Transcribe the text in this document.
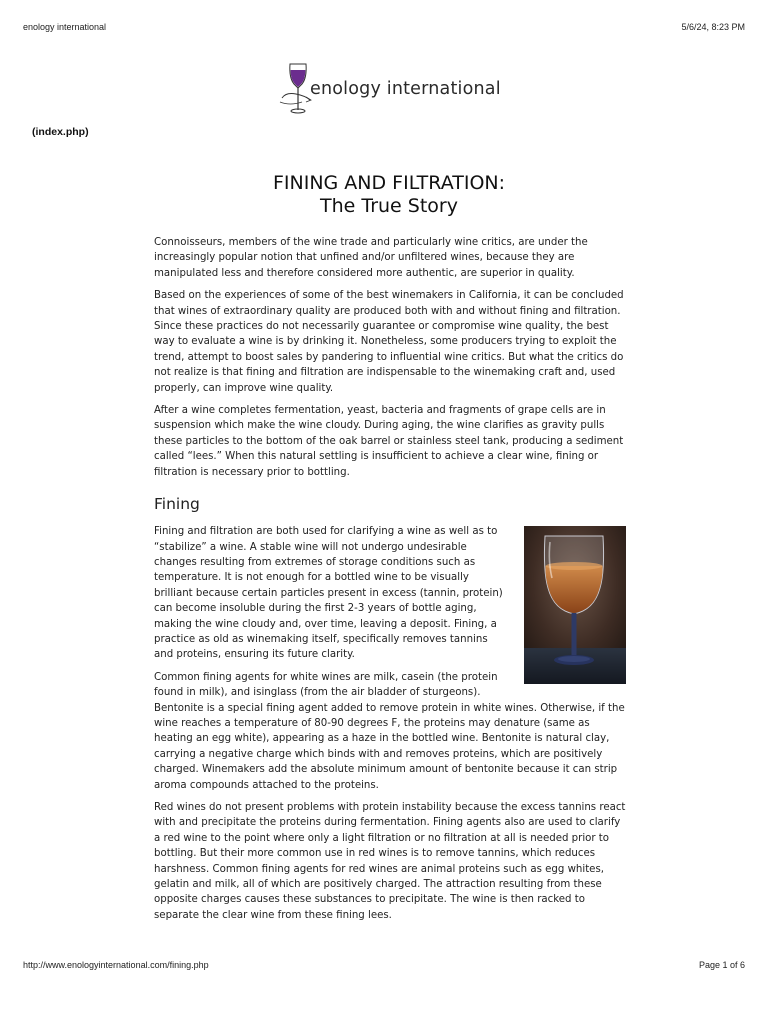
enology international	5/6/24, 8:23 PM
enology international
(index.php)
FINING AND FILTRATION:
The True Story

Connoisseurs, members of the wine trade and particularly wine critics, are under the increasingly popular notion that unfined and/or unfiltered wines, because they are manipulated less and therefore considered more authentic, are superior in quality.

Based on the experiences of some of the best winemakers in California, it can be concluded that wines of extraordinary quality are produced both with and without fining and filtration. Since these practices do not necessarily guarantee or compromise wine quality, the best way to evaluate a wine is by drinking it. Nonetheless, some producers trying to exploit the trend, attempt to boost sales by pandering to influential wine critics. But what the critics do not realize is that fining and filtration are indispensable to the winemaking craft and, used properly, can improve wine quality.

After a wine completes fermentation, yeast, bacteria and fragments of grape cells are in suspension which make the wine cloudy. During aging, the wine clarifies as gravity pulls these particles to the bottom of the oak barrel or stainless steel tank, producing a sediment called “lees.” When this natural settling is insufficient to achieve a clear wine, fining or filtration is necessary prior to bottling.

Fining

Fining and filtration are both used for clarifying a wine as well as to “stabilize” a wine. A stable wine will not undergo undesirable changes resulting from extremes of storage conditions such as temperature. It is not enough for a bottled wine to be visually brilliant because certain particles present in excess (tannin, protein) can become insoluble during the first 2-3 years of bottle aging, making the wine cloudy and, over time, leaving a deposit. Fining, a practice as old as winemaking itself, specifically removes tannins and proteins, ensuring its future clarity.

Common fining agents for white wines are milk, casein (the protein found in milk), and isinglass (from the air bladder of sturgeons). Bentonite is a special fining agent added to remove protein in white wines. Otherwise, if the wine reaches a temperature of 80-90 degrees F, the proteins may denature (same as heating an egg white), appearing as a haze in the bottled wine. Bentonite is natural clay, carrying a negative charge which binds with and removes proteins, which are positively charged. Winemakers add the absolute minimum amount of bentonite because it can strip aroma compounds attached to the proteins.

Red wines do not present problems with protein instability because the excess tannins react with and precipitate the proteins during fermentation. Fining agents also are used to clarify a red wine to the point where only a light filtration or no filtration at all is needed prior to bottling. But their more common use in red wines is to remove tannins, which reduces harshness. Common fining agents for red wines are animal proteins such as egg whites, gelatin and milk, all of which are positively charged. The attraction resulting from these opposite charges causes these substances to precipitate. The wine is then racked to separate the clear wine from these fining lees.

http://www.enologyinternational.com/fining.php	Page 1 of 6
